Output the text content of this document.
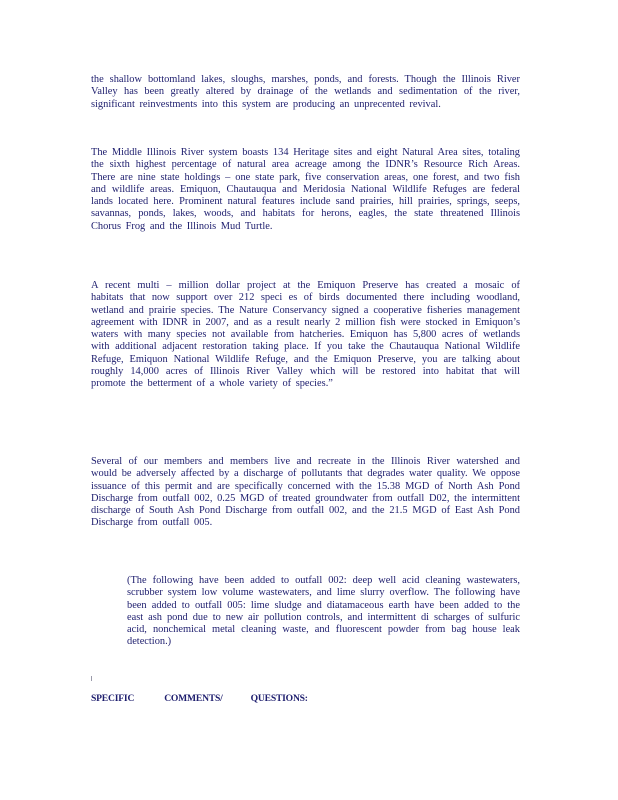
the shallow bottomland lakes, sloughs, marshes, ponds, and forests. Though the Illinois River Valley has been greatly altered by drainage of the wetlands and sedimentation of the river, significant reinvestments into this system are producing an unprecented revival.
The Middle Illinois River system boasts 134 Heritage sites and eight Natural Area sites, totaling the sixth highest percentage of natural area acreage among the IDNR’s Resource Rich Areas. There are nine state holdings – one state park, five conservation areas, one forest, and two fish and wildlife areas. Emiquon, Chautauqua and Meridosia National Wildlife Refuges are federal lands located here. Prominent natural features include sand prairies, hill prairies, springs, seeps, savannas, ponds, lakes, woods, and habitats for herons, eagles, the state threatened Illinois Chorus Frog and the Illinois Mud Turtle.
A recent multi – million dollar project at the Emiquon Preserve has created a mosaic of habitats that now support over 212 speci es of birds documented there including woodland, wetland and prairie species. The Nature Conservancy signed a cooperative fisheries management agreement with IDNR in 2007, and as a result nearly 2 million fish were stocked in Emiquon’s waters with many species not available from hatcheries. Emiquon has 5,800 acres of wetlands with additional adjacent restoration taking place. If you take the Chautauqua National Wildlife Refuge, Emiquon National Wildlife Refuge, and the Emiquon Preserve, you are talking about roughly 14,000 acres of Illinois River Valley which will be restored into habitat that will promote the betterment of a whole variety of species.”
Several of our members and members live and recreate in the Illinois River watershed and would be adversely affected by a discharge of pollutants that degrades water quality. We oppose issuance of this permit and are specifically concerned with the 15.38 MGD of North Ash Pond Discharge from outfall 002, 0.25 MGD of treated groundwater from outfall D02, the intermittent discharge of South Ash Pond Discharge from outfall 002, and the 21.5 MGD of East Ash Pond Discharge from outfall 005.
(The following have been added to outfall 002: deep well acid cleaning wastewaters, scrubber system low volume wastewaters, and lime slurry overflow. The following have been added to outfall 005: lime sludge and diatamaceous earth have been added to the east ash pond due to new air pollution controls, and intermittent di scharges of sulfuric acid, nonchemical metal cleaning waste, and fluorescent powder from bag house leak detection.)
SPECIFIC	COMMENTS/	QUESTIONS:
